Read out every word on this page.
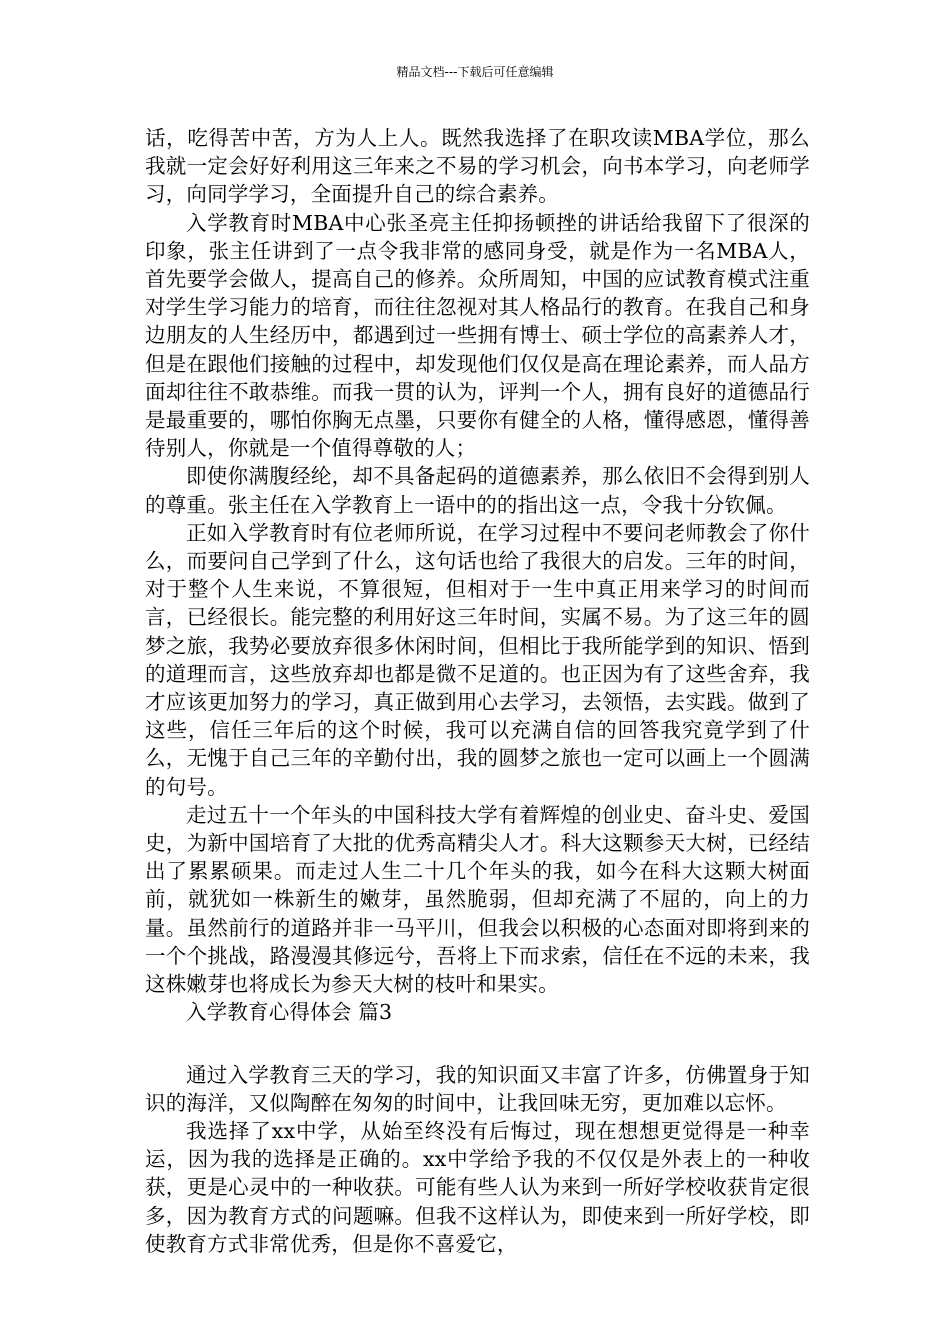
精品文档---下载后可任意编辑

话，吃得苦中苦，方为人上人。既然我选择了在职攻读MBA学位，那么我就一定会好好利用这三年来之不易的学习机会，向书本学习，向老师学习，向同学学习，全面提升自己的综合素养。

入学教育时MBA中心张圣亮主任抑扬顿挫的讲话给我留下了很深的印象，张主任讲到了一点令我非常的感同身受，就是作为一名MBA人，首先要学会做人，提高自己的修养。众所周知，中国的应试教育模式注重对学生学习能力的培育，而往往忽视对其人格品行的教育。在我自己和身边朋友的人生经历中，都遇到过一些拥有博士、硕士学位的高素养人才，但是在跟他们接触的过程中，却发现他们仅仅是高在理论素养，而人品方面却往往不敢恭维。而我一贯的认为，评判一个人，拥有良好的道德品行是最重要的，哪怕你胸无点墨，只要你有健全的人格，懂得感恩，懂得善待别人，你就是一个值得尊敬的人；

即使你满腹经纶，却不具备起码的道德素养，那么依旧不会得到别人的尊重。张主任在入学教育上一语中的的指出这一点，令我十分钦佩。

正如入学教育时有位老师所说，在学习过程中不要问老师教会了你什么，而要问自己学到了什么，这句话也给了我很大的启发。三年的时间，对于整个人生来说，不算很短，但相对于一生中真正用来学习的时间而言，已经很长。能完整的利用好这三年时间，实属不易。为了这三年的圆梦之旅，我势必要放弃很多休闲时间，但相比于我所能学到的知识、悟到的道理而言，这些放弃却也都是微不足道的。也正因为有了这些舍弃，我才应该更加努力的学习，真正做到用心去学习，去领悟，去实践。做到了这些，信任三年后的这个时候，我可以充满自信的回答我究竟学到了什么，无愧于自己三年的辛勤付出，我的圆梦之旅也一定可以画上一个圆满的句号。

走过五十一个年头的中国科技大学有着辉煌的创业史、奋斗史、爱国史，为新中国培育了大批的优秀高精尖人才。科大这颗参天大树，已经结出了累累硕果。而走过人生二十几个年头的我，如今在科大这颗大树面前，就犹如一株新生的嫩芽，虽然脆弱，但却充满了不屈的，向上的力量。虽然前行的道路并非一马平川，但我会以积极的心态面对即将到来的一个个挑战，路漫漫其修远兮，吾将上下而求索，信任在不远的未来，我这株嫩芽也将成长为参天大树的枝叶和果实。

入学教育心得体会 篇3

通过入学教育三天的学习，我的知识面又丰富了许多，仿佛置身于知识的海洋，又似陶醉在匆匆的时间中，让我回味无穷，更加难以忘怀。

我选择了xx中学，从始至终没有后悔过，现在想想更觉得是一种幸运，因为我的选择是正确的。xx中学给予我的不仅仅是外表上的一种收获，更是心灵中的一种收获。可能有些人认为来到一所好学校收获肯定很多，因为教育方式的问题嘛。但我不这样认为，即使来到一所好学校，即使教育方式非常优秀，但是你不喜爱它，
